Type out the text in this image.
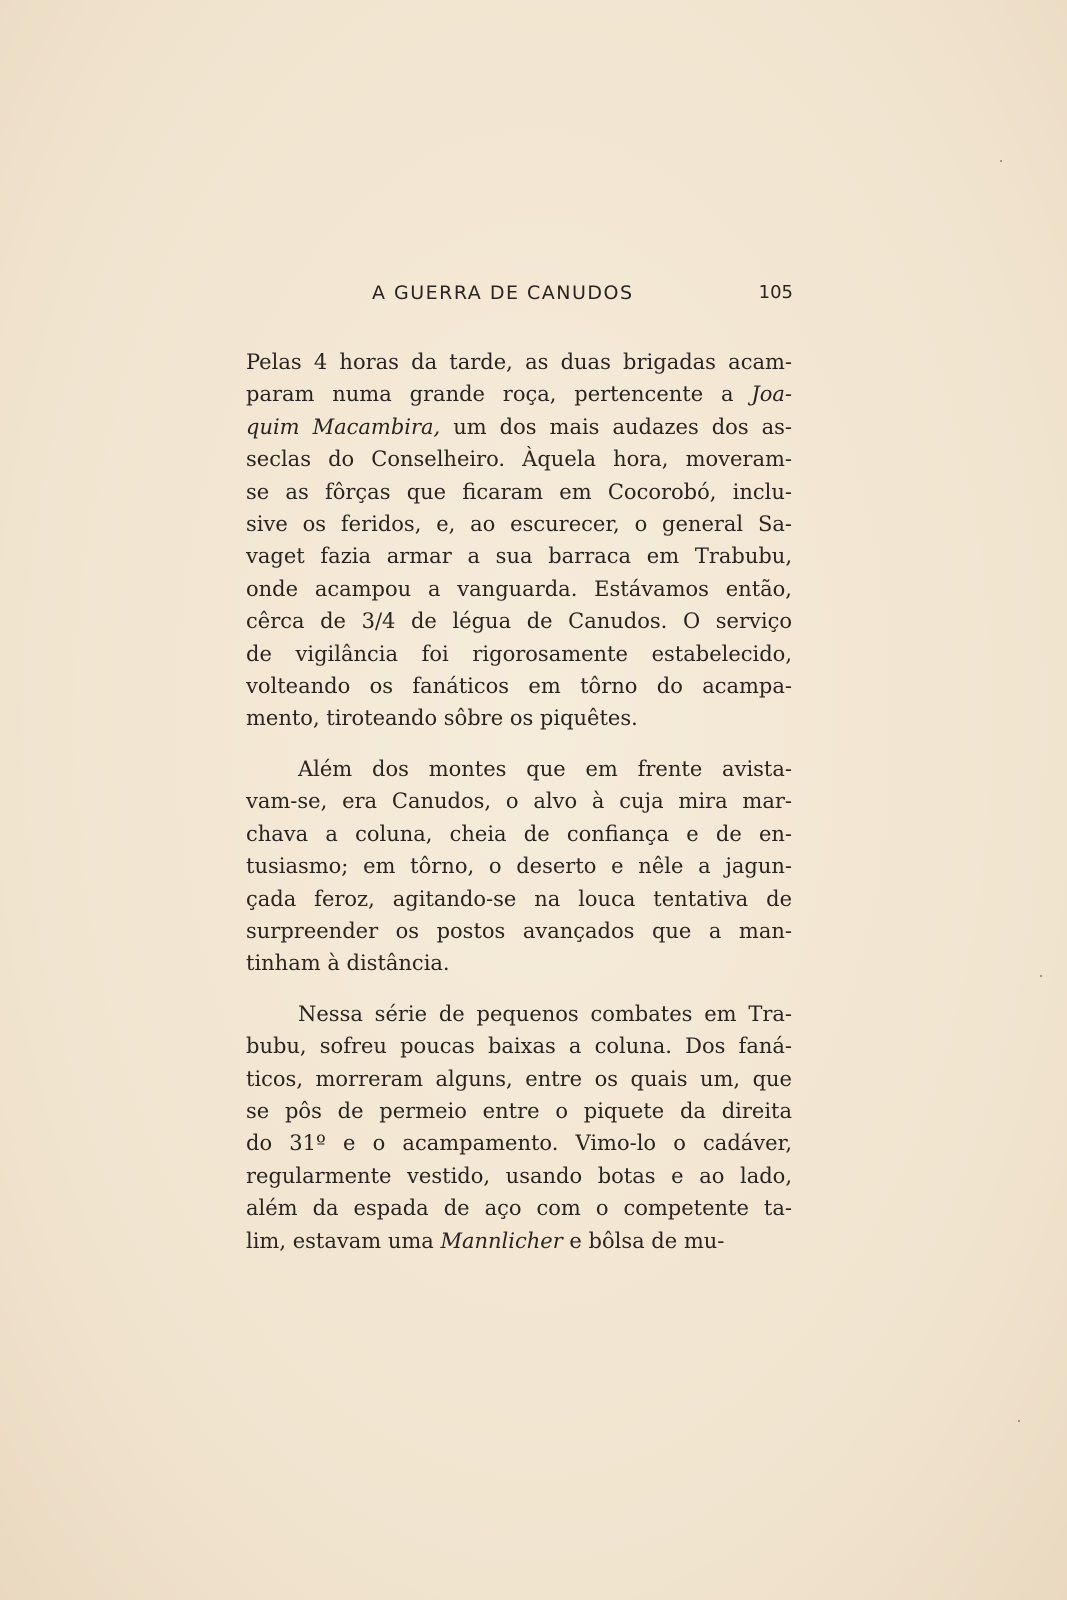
A GUERRA DE CANUDOS	105
Pelas 4 horas da tarde, as duas brigadas acam-
param numa grande roça, pertencente a Joa-
quim Macambira, um dos mais audazes dos as-
seclas do Conselheiro. Àquela hora, moveram-
se as fôrças que ficaram em Cocorobó, inclu-
sive os feridos, e, ao escurecer, o general Sa-
vaget fazia armar a sua barraca em Trabubu,
onde acampou a vanguarda. Estávamos então,
cêrca de 3/4 de légua de Canudos. O serviço
de vigilância foi rigorosamente estabelecido,
volteando os fanáticos em tôrno do acampa-
mento, tiroteando sôbre os piquêtes.
Além dos montes que em frente avista-
vam-se, era Canudos, o alvo à cuja mira mar-
chava a coluna, cheia de confiança e de en-
tusiasmo; em tôrno, o deserto e nêle a jagun-
çada feroz, agitando-se na louca tentativa de
surpreender os postos avançados que a man-
tinham à distância.
Nessa série de pequenos combates em Tra-
bubu, sofreu poucas baixas a coluna. Dos faná-
ticos, morreram alguns, entre os quais um, que
se pôs de permeio entre o piquete da direita
do 31º e o acampamento. Vimo-lo o cadáver,
regularmente vestido, usando botas e ao lado,
além da espada de aço com o competente ta-
lim, estavam uma Mannlicher e bôlsa de mu-
